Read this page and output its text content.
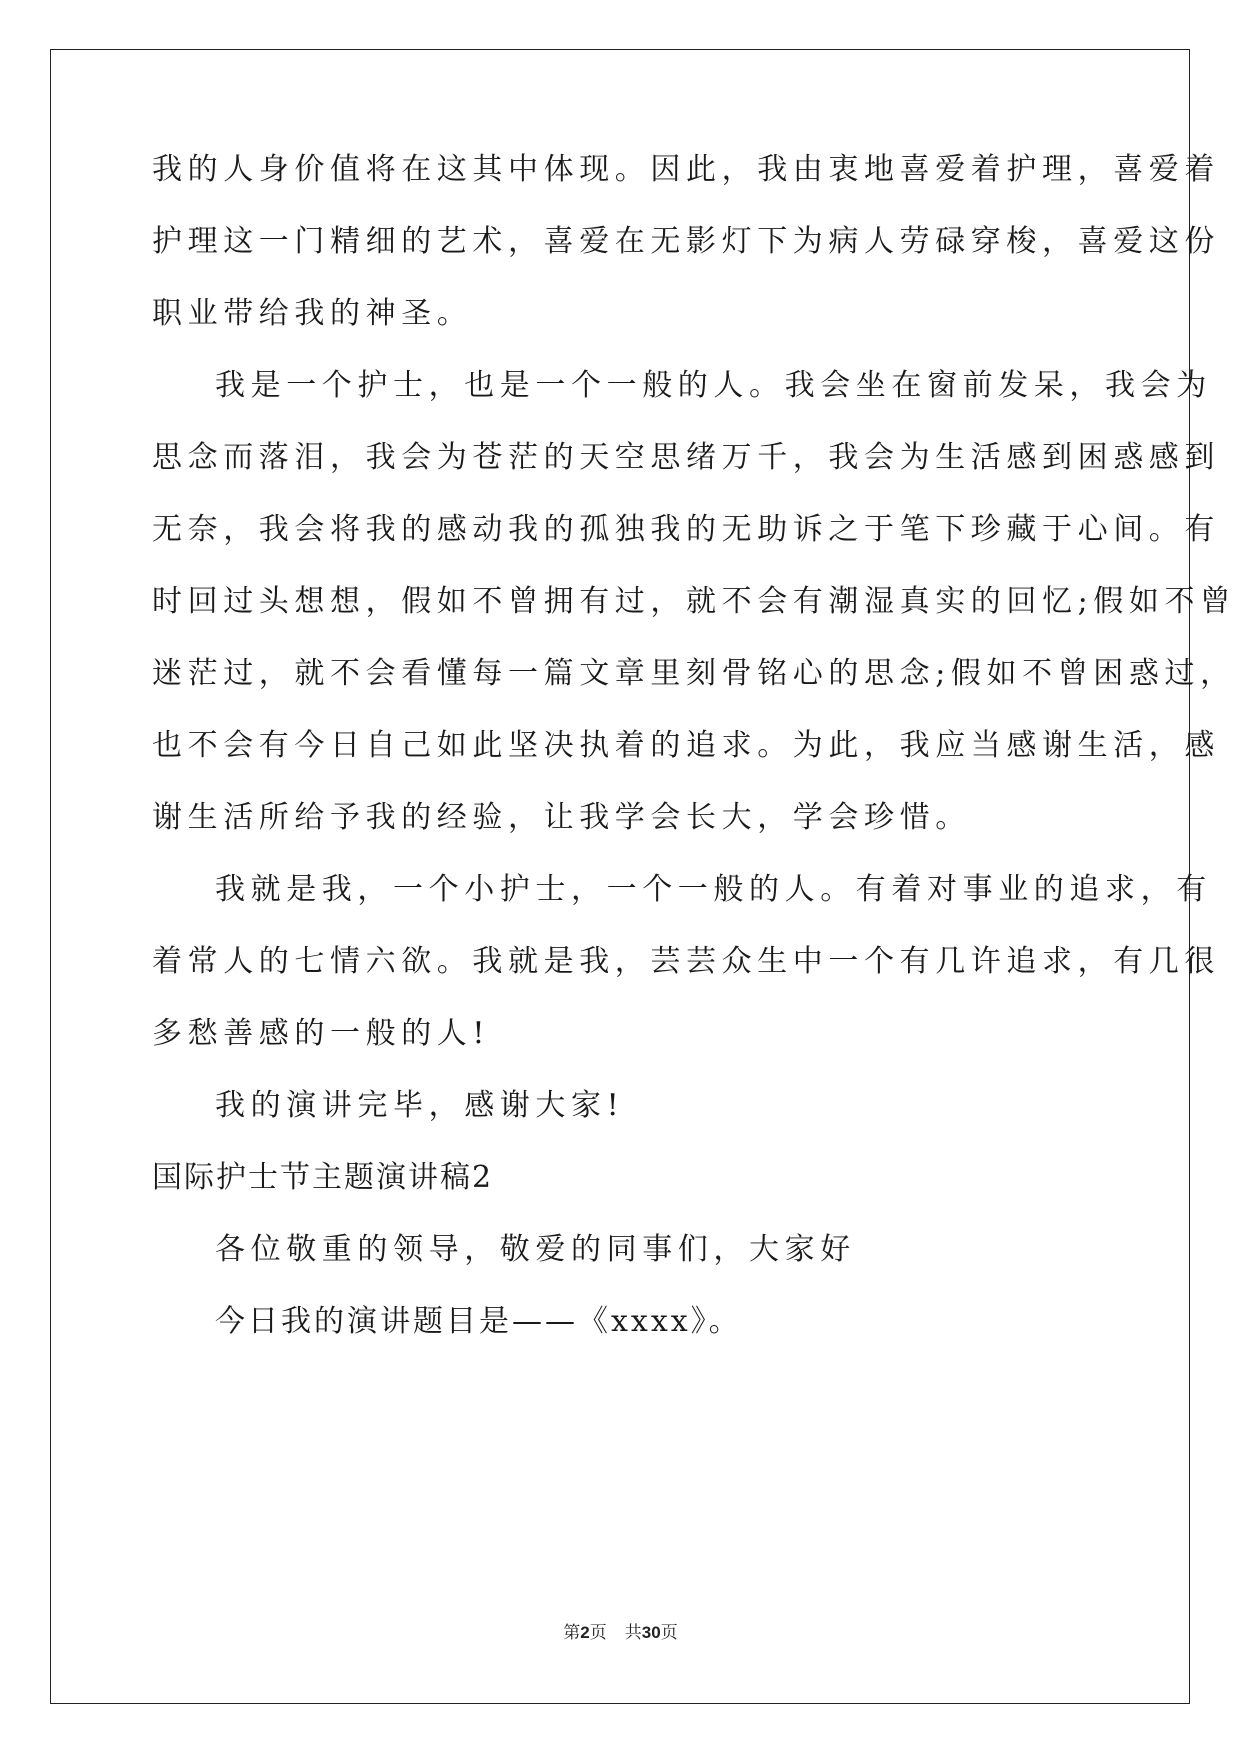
我的人身价值将在这其中体现。因此，我由衷地喜爱着护理，喜爱着
护理这一门精细的艺术，喜爱在无影灯下为病人劳碌穿梭，喜爱这份
职业带给我的神圣。
我是一个护士，也是一个一般的人。我会坐在窗前发呆，我会为
思念而落泪，我会为苍茫的天空思绪万千，我会为生活感到困惑感到
无奈，我会将我的感动我的孤独我的无助诉之于笔下珍藏于心间。有
时回过头想想，假如不曾拥有过，就不会有潮湿真实的回忆;假如不曾
迷茫过，就不会看懂每一篇文章里刻骨铭心的思念;假如不曾困惑过，
也不会有今日自己如此坚决执着的追求。为此，我应当感谢生活，感
谢生活所给予我的经验，让我学会长大，学会珍惜。
我就是我，一个小护士，一个一般的人。有着对事业的追求，有
着常人的七情六欲。我就是我，芸芸众生中一个有几许追求，有几很
多愁善感的一般的人!
我的演讲完毕，感谢大家!
国际护士节主题演讲稿2
各位敬重的领导，敬爱的同事们，大家好
今日我的演讲题目是——《xxxx》。
第2页 共30页
